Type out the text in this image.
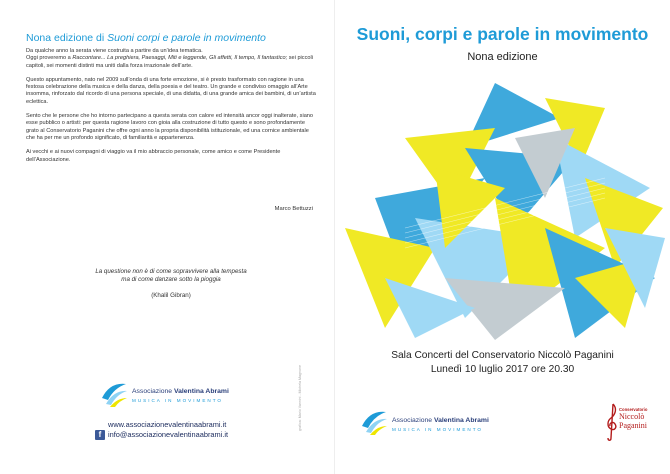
Nona edizione di Suoni corpi e parole in movimento

Da qualche anno la serata viene costruita a partire da un’idea tematica.
Oggi proveremo a Raccontare... La preghiera, Paesaggi, Miti e leggende, Gli affetti, Il tempo, Il fantastico; sei piccoli capitoli, sei momenti distinti ma uniti dalla forza irrazionale dell’arte.

Questo appuntamento, nato nel 2009 sull’onda di una forte emozione, si è presto trasformato con ragione in una festosa celebrazione della musica e della danza, della poesia e del teatro. Un grande e condiviso omaggio all’Arte insomma, rinforzato dal ricordo di una persona speciale, di una didatta, di una grande amica dei bambini, di un’artista eclettica.

Sento che le persone che ho intorno partecipano a questa serata con calore ed intensità ancor oggi inalterate, siano esse pubblico o artisti: per questa ragione lavoro con gioia alla costruzione di tutto questo e sono profondamente grato al Conservatorio Paganini che offre ogni anno la propria disponibilità istituzionale, ed una cornice ambientale che ha per me un profondo significato, di familiarità e appartenenza.

Ai vecchi e ai nuovi compagni di viaggio va il mio abbraccio personale, come amico e come Presidente dell’Associazione.

Marco Bettuzzi
La questione non è di come sopravvivere alla tempesta
ma di come danzare sotto la pioggia
(Khalil Gibran)
grafica: Mario Vannini - Michela Magnone
Associazione Valentina Abrami
MUSICA IN MOVIMENTO
www.associazionevalentinaabrami.it
f info@associazionevalentinaabrami.it
Suoni, corpi e parole in movimento
Nona edizione
Sala Concerti del Conservatorio Niccolò Paganini
Lunedì 10 luglio 2017 ore 20.30
Associazione Valentina Abrami
MUSICA IN MOVIMENTO
Conservatorio
Niccolò
Paganini
